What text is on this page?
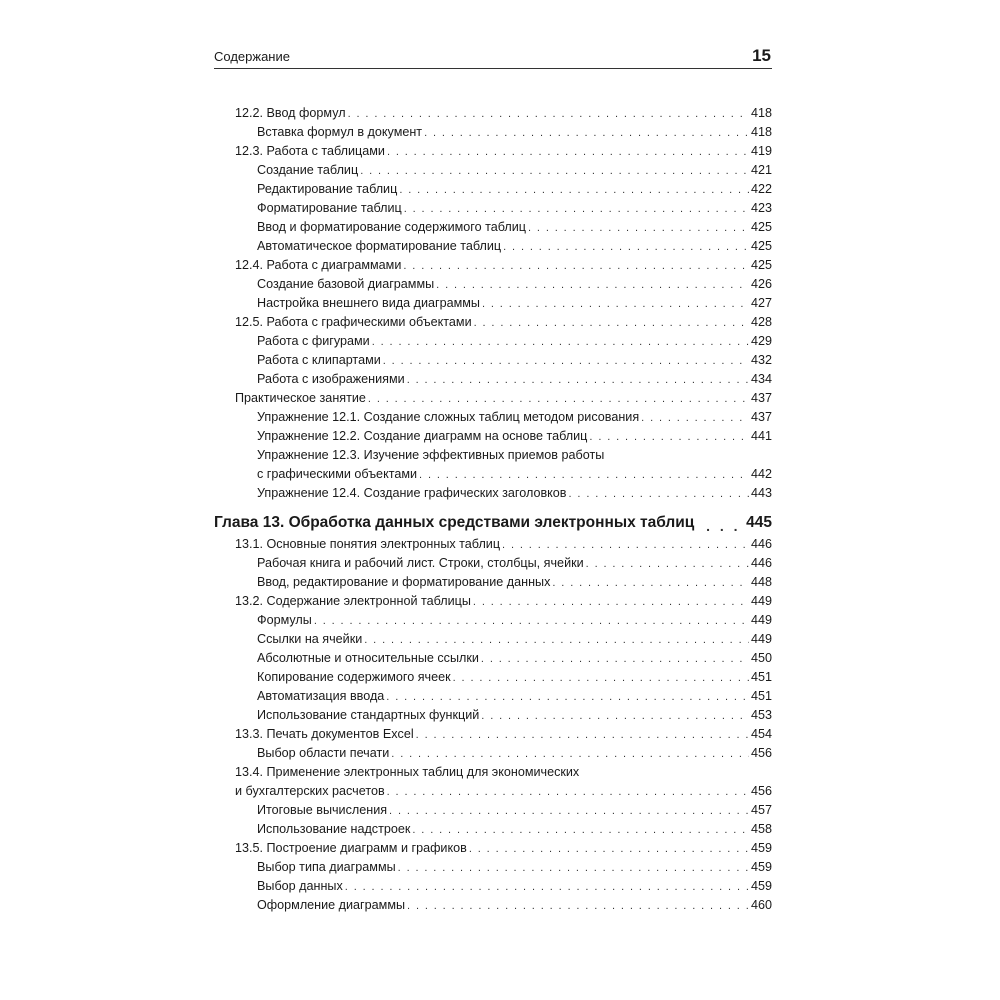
Содержание	15
12.2. Ввод формул . . .	418
Вставка формул в документ . . .	418
12.3. Работа с таблицами . . .	419
Создание таблиц . . .	421
Редактирование таблиц . . .	422
Форматирование таблиц . . .	423
Ввод и форматирование содержимого таблиц . . .	425
Автоматическое форматирование таблиц . . .	425
12.4. Работа с диаграммами . . .	425
Создание базовой диаграммы . . .	426
Настройка внешнего вида диаграммы . . .	427
12.5. Работа с графическими объектами . . .	428
Работа с фигурами . . .	429
Работа с клипартами . . .	432
Работа с изображениями . . .	434
Практическое занятие . . .	437
Упражнение 12.1. Создание сложных таблиц методом рисования . . .	437
Упражнение 12.2. Создание диаграмм на основе таблиц . . .	441
Упражнение 12.3. Изучение эффективных приемов работы
с графическими объектами . . .	442
Упражнение 12.4. Создание графических заголовков . . .	443
Глава 13. Обработка данных средствами электронных таблиц . . .	445
13.1. Основные понятия электронных таблиц . . .	446
Рабочая книга и рабочий лист. Строки, столбцы, ячейки . . .	446
Ввод, редактирование и форматирование данных . . .	448
13.2. Содержание электронной таблицы . . .	449
Формулы . . .	449
Ссылки на ячейки . . .	449
Абсолютные и относительные ссылки . . .	450
Копирование содержимого ячеек . . .	451
Автоматизация ввода . . .	451
Использование стандартных функций . . .	453
13.3. Печать документов Excel . . .	454
Выбор области печати . . .	456
13.4. Применение электронных таблиц для экономических
и бухгалтерских расчетов . . .	456
Итоговые вычисления . . .	457
Использование надстроек . . .	458
13.5. Построение диаграмм и графиков . . .	459
Выбор типа диаграммы . . .	459
Выбор данных . . .	459
Оформление диаграммы . . .	460
